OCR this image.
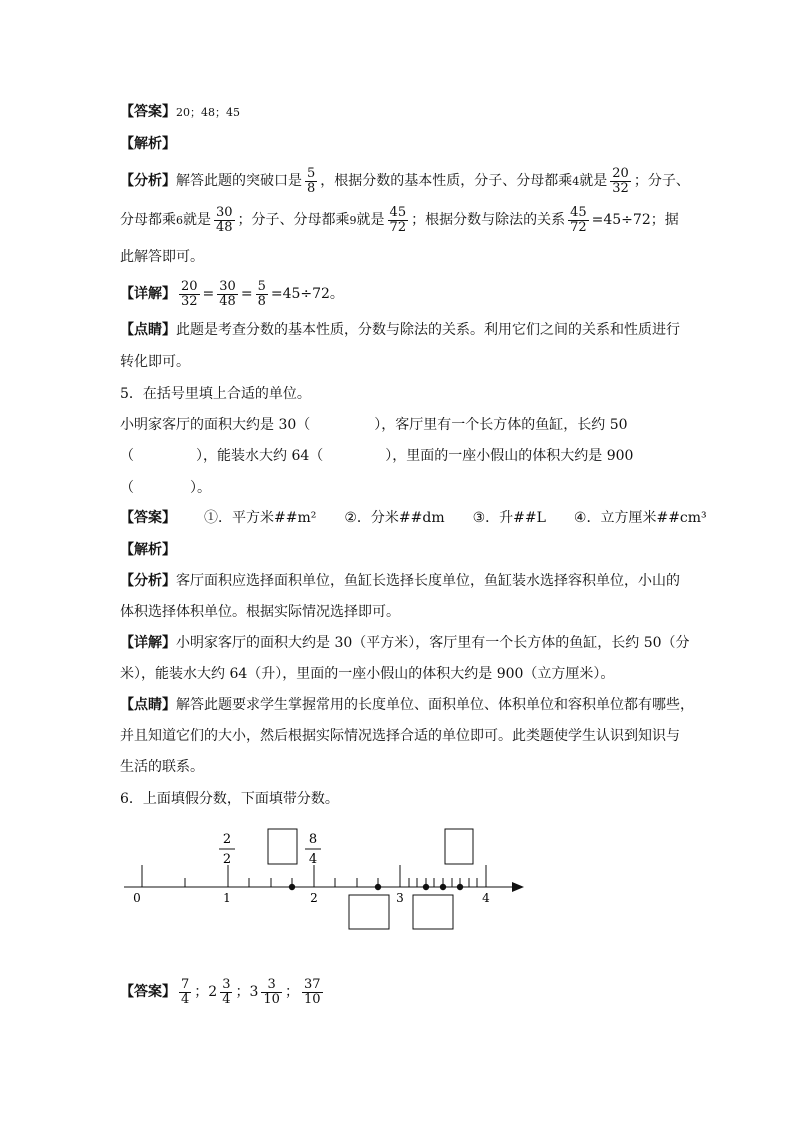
【答案】20；48；45
【解析】
【分析】解答此题的突破口是 $\frac{5}{8}$ ，根据分数的基本性质，分子、分母都乘4就是 $\frac{20}{32}$ ；分子、
分母都乘6就是 $\frac{30}{48}$ ；分子、分母都乘9就是 $\frac{45}{72}$ ；根据分数与除法的关系 $\frac{45}{72} =45\div 72$；据
此解答即可。
【详解】 $\frac{20}{32} = \frac{30}{48} = \frac{5}{8} =45\div 72$。
【点睛】此题是考查分数的基本性质，分数与除法的关系。利用它们之间的关系和性质进行
转化即可。
5．在括号里填上合适的单位。
小明家客厅的面积大约是 30（	），客厅里有一个长方体的鱼缸，长约 50
（	），能装水大约 64（	），里面的一座小假山的体积大约是 900
（　　　　）。
【答案】 ①．平方米##m² ②．分米##dm ③．升##L ④．立方厘米##cm³
【解析】
【分析】客厅面积应选择面积单位，鱼缸长选择长度单位，鱼缸装水选择容积单位，小山的
体积选择体积单位。根据实际情况选择即可。
【详解】小明家客厅的面积大约是 30（平方米），客厅里有一个长方体的鱼缸，长约 50（分
米），能装水大约 64（升），里面的一座小假山的体积大约是 900（立方厘米）。
【点睛】解答此题要求学生掌握常用的长度单位、面积单位、体积单位和容积单位都有哪些，
并且知道它们的大小，然后根据实际情况选择合适的单位即可。此类题使学生认识到知识与
生活的联系。
6．上面填假分数，下面填带分数。
2
2
8
4
0	1	2	3	4
【答案】 $\frac{7}{4}$ ；$2 \frac{3}{4}$ ；$3 \frac{3}{10}$ ； $\frac{37}{10}$
